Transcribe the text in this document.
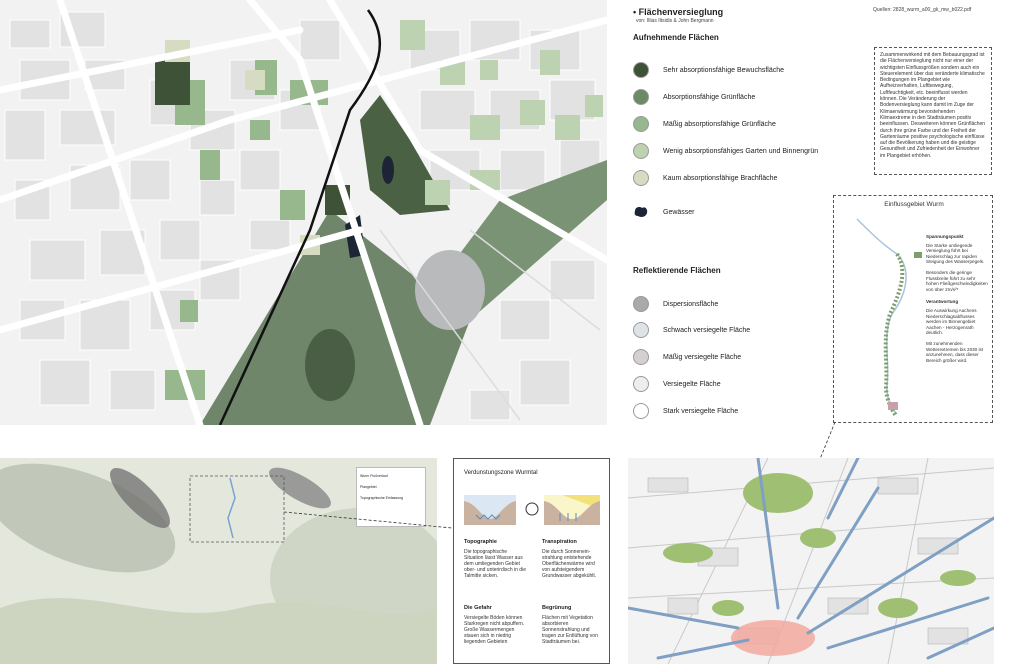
• Flächenversieglung
von: Illias Iltsidis & John Bergmann
Quellen: 2828_wurm_a00_gk_mw_b022.pdf
Aufnehmende Flächen
Sehr absorptionsfähige Bewuchsfläche
Absorptionsfähige Grünfläche
Mäßig absorptionsfähige Grünfläche
Wenig absorptionsfähiges Garten und Binnengrün
Kaum absorptionsfähige Brachfläche
Gewässer
Reflektierende Flächen
Dispersionsfläche
Schwach versiegelte Fläche
Mäßig versiegelte Fläche
Versiegelte Fläche
Stark versiegelte Fläche
Zusammenwirkend mit dem Bebauungsgrad ist die Flächenversieglung nicht nur einer der wichtigsten Einflussgrößen sondern auch ein Steuerelement über das veränderte klimatische Bedingungen im Plangebiet wie Aufheizverhalten, Luftbewegung, Luftfeuchtigkeit, etc. beeinflusst werden können. Die Veränderung der Bodenversieglung kann damit im Zuge der Klimaerwärmung bevorstehenden Klimaextreme in den Stadträumen positiv beeinflussen. Desweiteren können Grünflächen durch ihre grüne Farbe und der Freiheit der Gartenräume positive psychologische einflüsse auf die Bevölkerung haben und die geistige Gesundheit und Zufriedenheit der Einwohner im Plangebiet erhöhen.
Einflussgebiet Wurm
Spannungspunkt
Die Starke umliegende Versieglung führt bei Niederschlag zur rapiden Steigung des Wasserpegels.
Besonders die geringe Flussbreite führt zu sehr hohen Fließgeschwindigkeiten von über 2m/s²*
Verantwortung
Die Auswirkung Aachens Niederschlagsabflusses werden im Binnengebiet Aachen - Herzogenrath deutlich.
Mit zunehmenden Wetterextremen bis 2030 ist anzunehmen, dass dieser Bereich größer wird.
Wurm Flußverlauf
Plangebiet
Topographische Einfassung
Verdunstungszone Wurmtal
Topographie
Die topographische Situation lässt Wasser aus dem umliegenden Gebiet ober- und unterirdisch in die Talmitte sicken.
Transpiration
Die durch Sonnenein-strahlung entstehende Oberflächenwärme wird von aufsteigendem Grundwasser abgekühlt.
Die Gefahr
Versiegelte Böden können Starkregen nicht abpuffern. Große Wassermengen stauen sich in niedrig liegenden Gebieten
Begrünung
Flächen mit Vegetation absorbieren Sonnenstrahlung und tragen zur Entlüftung von Stadträumen bei.
